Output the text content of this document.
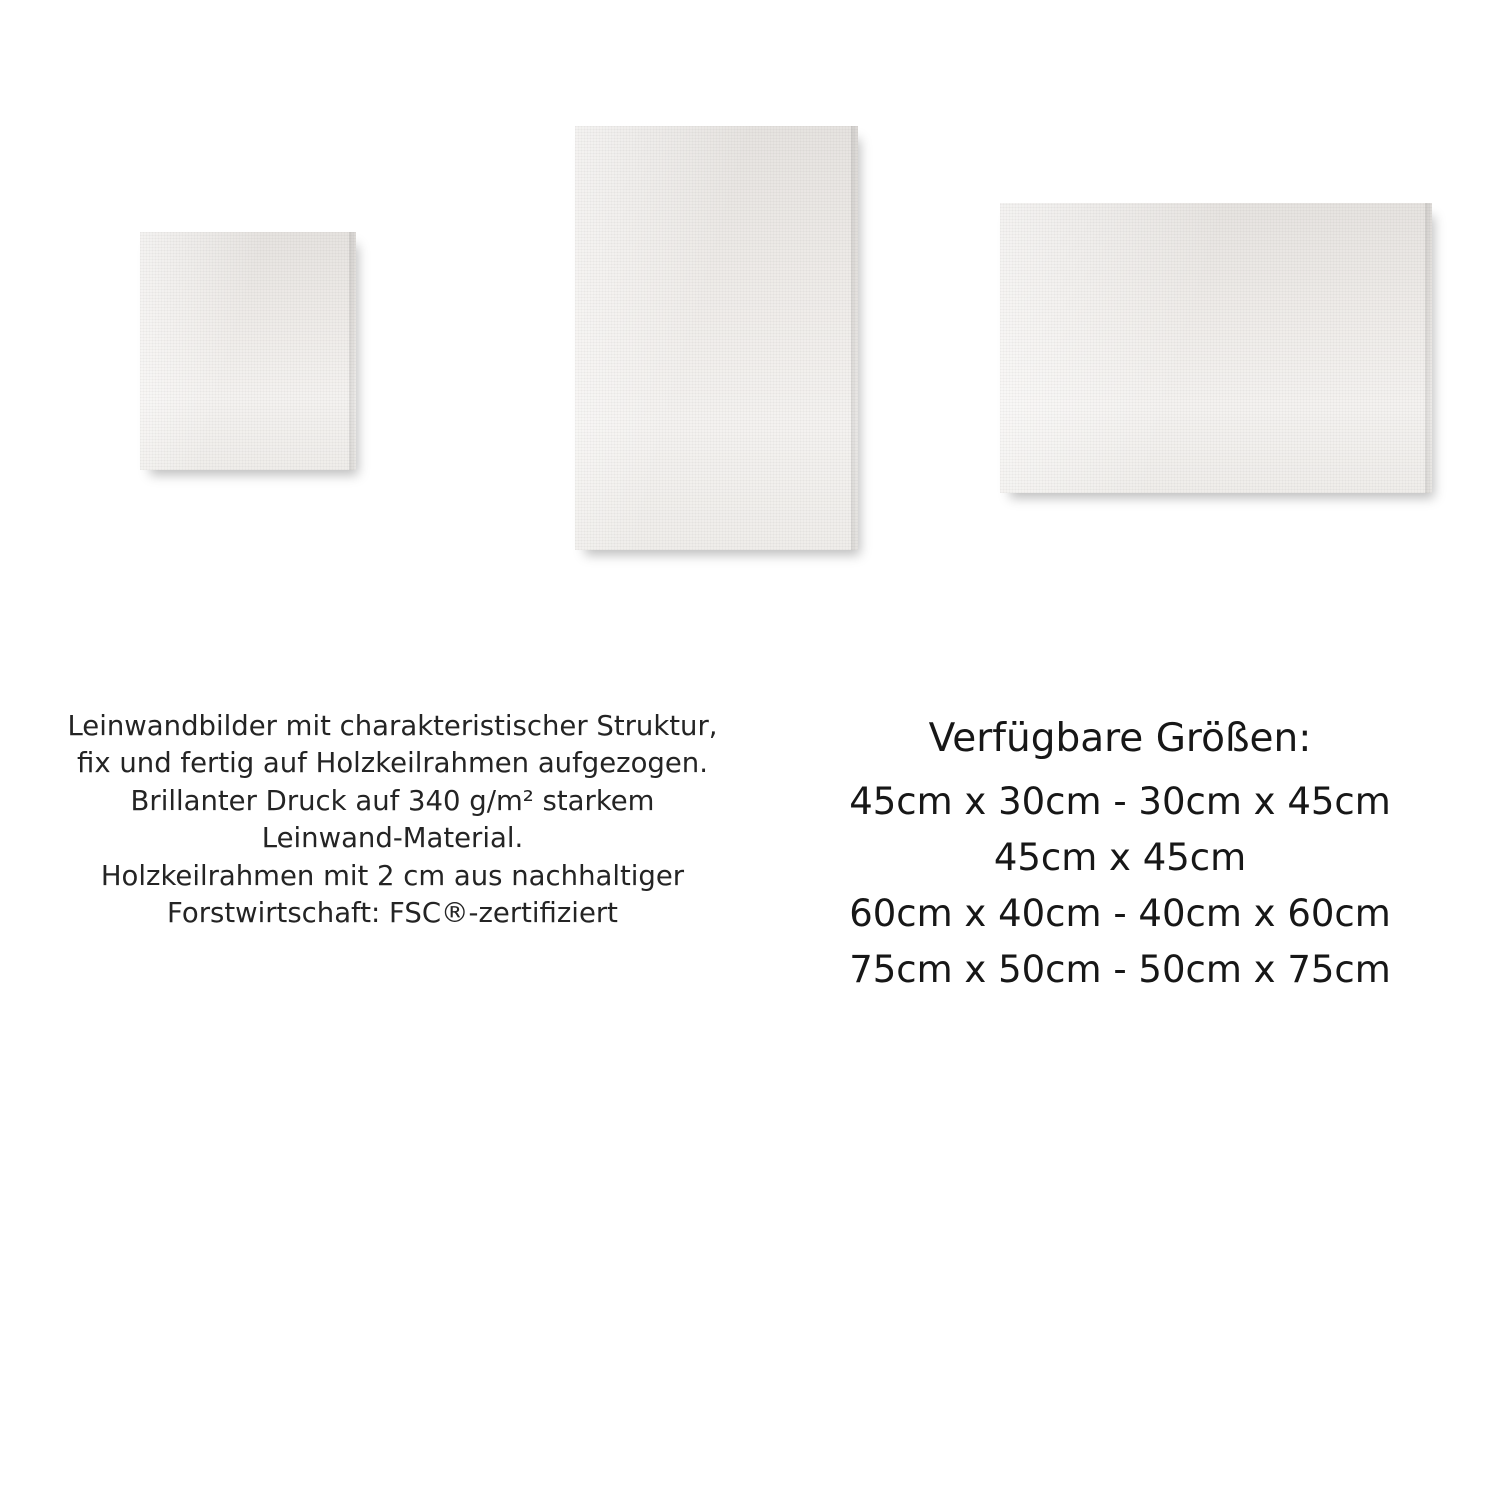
Leinwandbilder mit charakteristischer Struktur,
fix und fertig auf Holzkeilrahmen aufgezogen.
Brillanter Druck auf 340 g/m² starkem
Leinwand-Material.
Holzkeilrahmen mit 2 cm aus nachhaltiger
Forstwirtschaft: FSC®-zertifiziert
Verfügbare Größen:
45cm x 30cm - 30cm x 45cm
45cm x 45cm
60cm x 40cm - 40cm x 60cm
75cm x 50cm - 50cm x 75cm
